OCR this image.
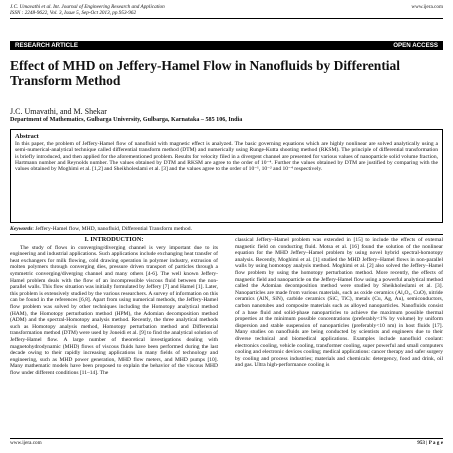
J.C. Umavathi et al. Int. Journal of Engineering Research and Application	www.ijera.com
ISSN : 2248-9622, Vol. 3, Issue 5, Sep-Oct 2013, pp.953-962
RESEARCH ARTICLE	OPEN ACCESS
Effect of MHD on Jeffery-Hamel Flow in Nanofluids by Differential Transform Method
J.C. Umavathi, and M. Shekar
Department of Mathematics, Gulbarga University, Gulbarga, Karnataka – 585 106, India
Abstract

In this paper, the problem of Jeffery-Hamel flow of nanofluid with magnetic effect is analyzed. The basic governing equations which are highly nonlinear are solved analytically using a semi-numerical-analytical technique called differential transform method (DTM) and numerically using Runge-Kutta shooting method (RKSM). The principle of differential transformation is briefly introduced, and then applied for the aforementioned problem. Results for velocity filed in a divergent channel are presented for various values of nanoparticle solid volume fraction, Hartmann number and Reynolds number. The values obtained by DTM and RKSM are agree to the order of 10⁻⁴. Further the values obtained by DTM are justified by comparing with the values obtained by Moghimi et al. [1,2] and Sheikholeslami et al. [3] and the values agree to the order of 10⁻¹, 10⁻² and 10⁻⁴ respectively.

Keywords: Jeffery-Hamel flow, MHD, nanofluid, Differential Transform method.
I. INTRODUCTION:

The study of flows in converging/diverging channel is very important due to its engineering and industrial applications. Such applications include exchanging heat transfer of heat exchangers for milk flowing, cold drawing operation in polymer industry, extrusion of molten polymers through converging dies, pressure driven transport of particles through a symmetric converging/diverging channel and many others [4-6]. The well known Jeffery-Hamel problem deals with the flow of an incompressible viscous fluid between the non-parallel walls. This flow situation was initially formulated by Jeffery [7] and Hamel [1]. Later, this problem is extensively studied by the various researchers. A survey of information on this can be found in the references [6,8]. Apart from using numerical methods, the Jeffery-Hamel flow problem was solved by other techniques including the Homotopy analytical method (HAM), the Homotopy perturbation method (HPM), the Adomian decomposition method (ADM) and the spectral-Homotopy analysis method. Recently, the three analytical methods such as Homotopy analysis method, Homotopy perturbation method and Differential transformation method (DTM) were used by Joneidi et al. [9] to find the analytical solution of Jeffery-Hamel flow. A large number of theoretical investigations dealing with magnetohydrodynamic (MHD) flows of viscous fluids have been performed during the last decade owing to their rapidly increasing applications in many fields of technology and engineering, such as MHD power generation, MHD flow meters, and MHD pumps [10]. Many mathematic models have been proposed to explain the behavior of the viscous MHD flow under different conditions [11–14]. The

classical Jeffery–Hamel problem was extended in [15] to include the effects of external magnetic field on conducting fluid. Motsa et al. [16] found the solution of the nonlinear equation for the MHD Jeffery–Hamel problem by using novel hybrid spectral-homotopy analysis. Recently, Moghimi et al. [1] studied the MHD Jeffery–Hamel flows in non-parallel walls by using homotopy analysis method. Moghimi et al. [2] also solved the Jeffery–Hamel flow problem by using the homotopy perturbation method. More recently, the effects of magnetic field and nanoparticle on the Jeffery-Hamel flow using a powerful analytical method called the Adomian decomposition method were studied by Sheikholeslami et al. [3]. Nanoparticles are made from various materials, such as oxide ceramics (Al₂O₃, CuO), nitride ceramics (AlN, SiN), carbide ceramics (SiC, TiC), metals (Cu, Ag, Au), semiconductors, carbon nanotubes and composite materials such as alloyed nanoparticles. Nanofluids consist of a base fluid and solid-phase nanoparticles to achieve the maximum possible thermal properties at the minimum possible concentrations (preferably<1% by volume) by uniform dispersion and stable suspension of nanoparticles (preferably<10 nm) in host fluids [17]. Many studies on nanofluids are being conducted by scientists and engineers due to their diverse technical and biomedical applications. Examples include nanofluid coolant: electronics cooling, vehicle cooling, transformer cooling, super powerful and small computers cooling and electronic devices cooling; medical applications: cancer therapy and safer surgery by cooling and process industries; materials and chemicals: detergency, food and drink, oil and gas. Ultra high-performance cooling is

www.ijera.com	953 | P a g e
